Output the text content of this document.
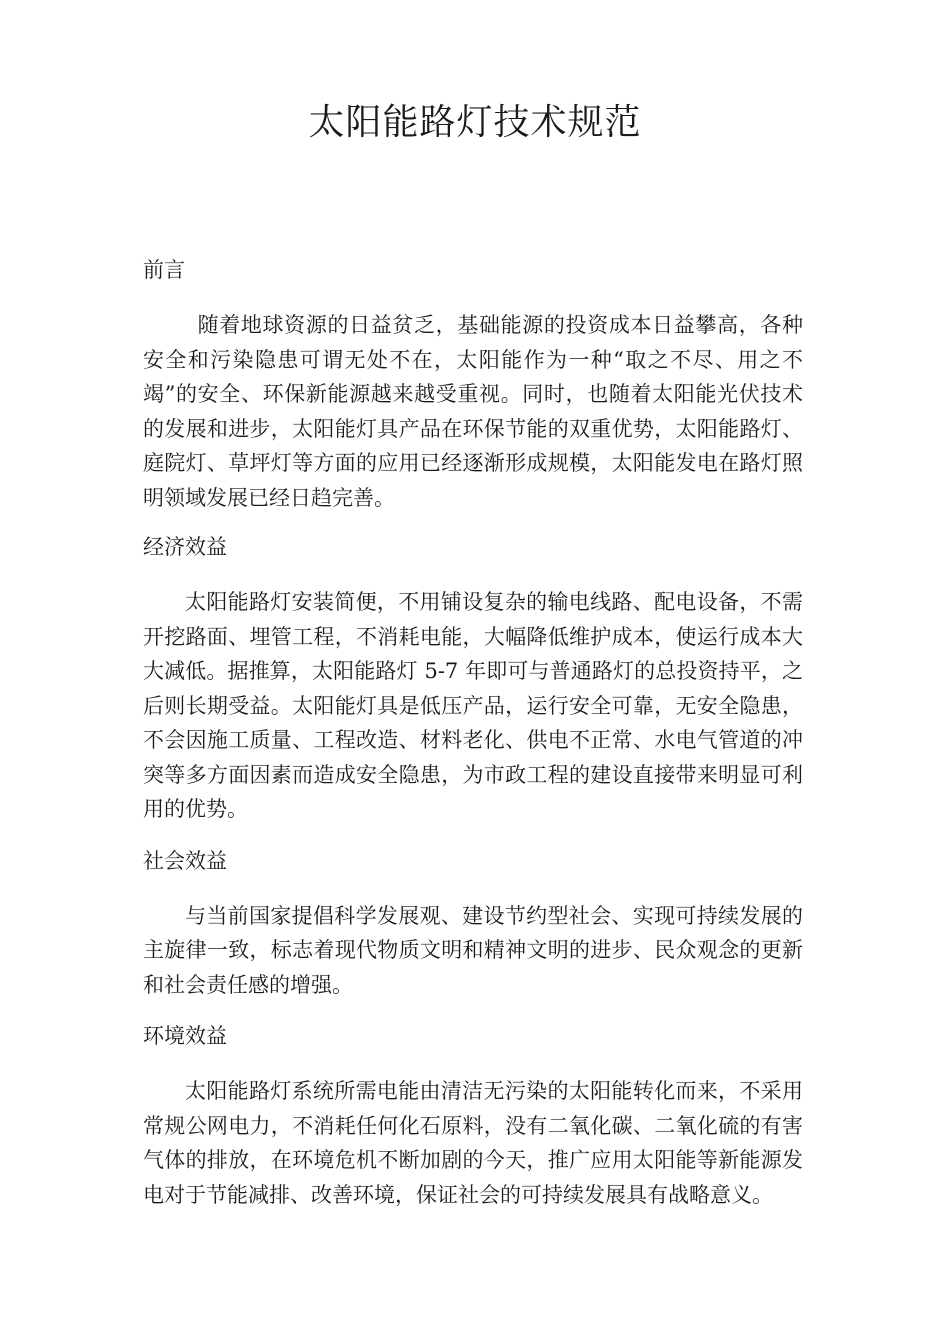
太阳能路灯技术规范
前言

随着地球资源的日益贫乏，基础能源的投资成本日益攀高，各种安全和污染隐患可谓无处不在，太阳能作为一种“取之不尽、用之不竭”的安全、环保新能源越来越受重视。同时，也随着太阳能光伏技术的发展和进步，太阳能灯具产品在环保节能的双重优势，太阳能路灯、庭院灯、草坪灯等方面的应用已经逐渐形成规模，太阳能发电在路灯照明领域发展已经日趋完善。

经济效益

太阳能路灯安装简便，不用铺设复杂的输电线路、配电设备，不需开挖路面、埋管工程，不消耗电能，大幅降低维护成本，使运行成本大大减低。据推算，太阳能路灯 5-7 年即可与普通路灯的总投资持平，之后则长期受益。太阳能灯具是低压产品，运行安全可靠，无安全隐患，不会因施工质量、工程改造、材料老化、供电不正常、水电气管道的冲突等多方面因素而造成安全隐患，为市政工程的建设直接带来明显可利用的优势。

社会效益

与当前国家提倡科学发展观、建设节约型社会、实现可持续发展的主旋律一致，标志着现代物质文明和精神文明的进步、民众观念的更新和社会责任感的增强。

环境效益

太阳能路灯系统所需电能由清洁无污染的太阳能转化而来，不采用常规公网电力，不消耗任何化石原料，没有二氧化碳、二氧化硫的有害气体的排放，在环境危机不断加剧的今天，推广应用太阳能等新能源发电对于节能减排、改善环境，保证社会的可持续发展具有战略意义。
